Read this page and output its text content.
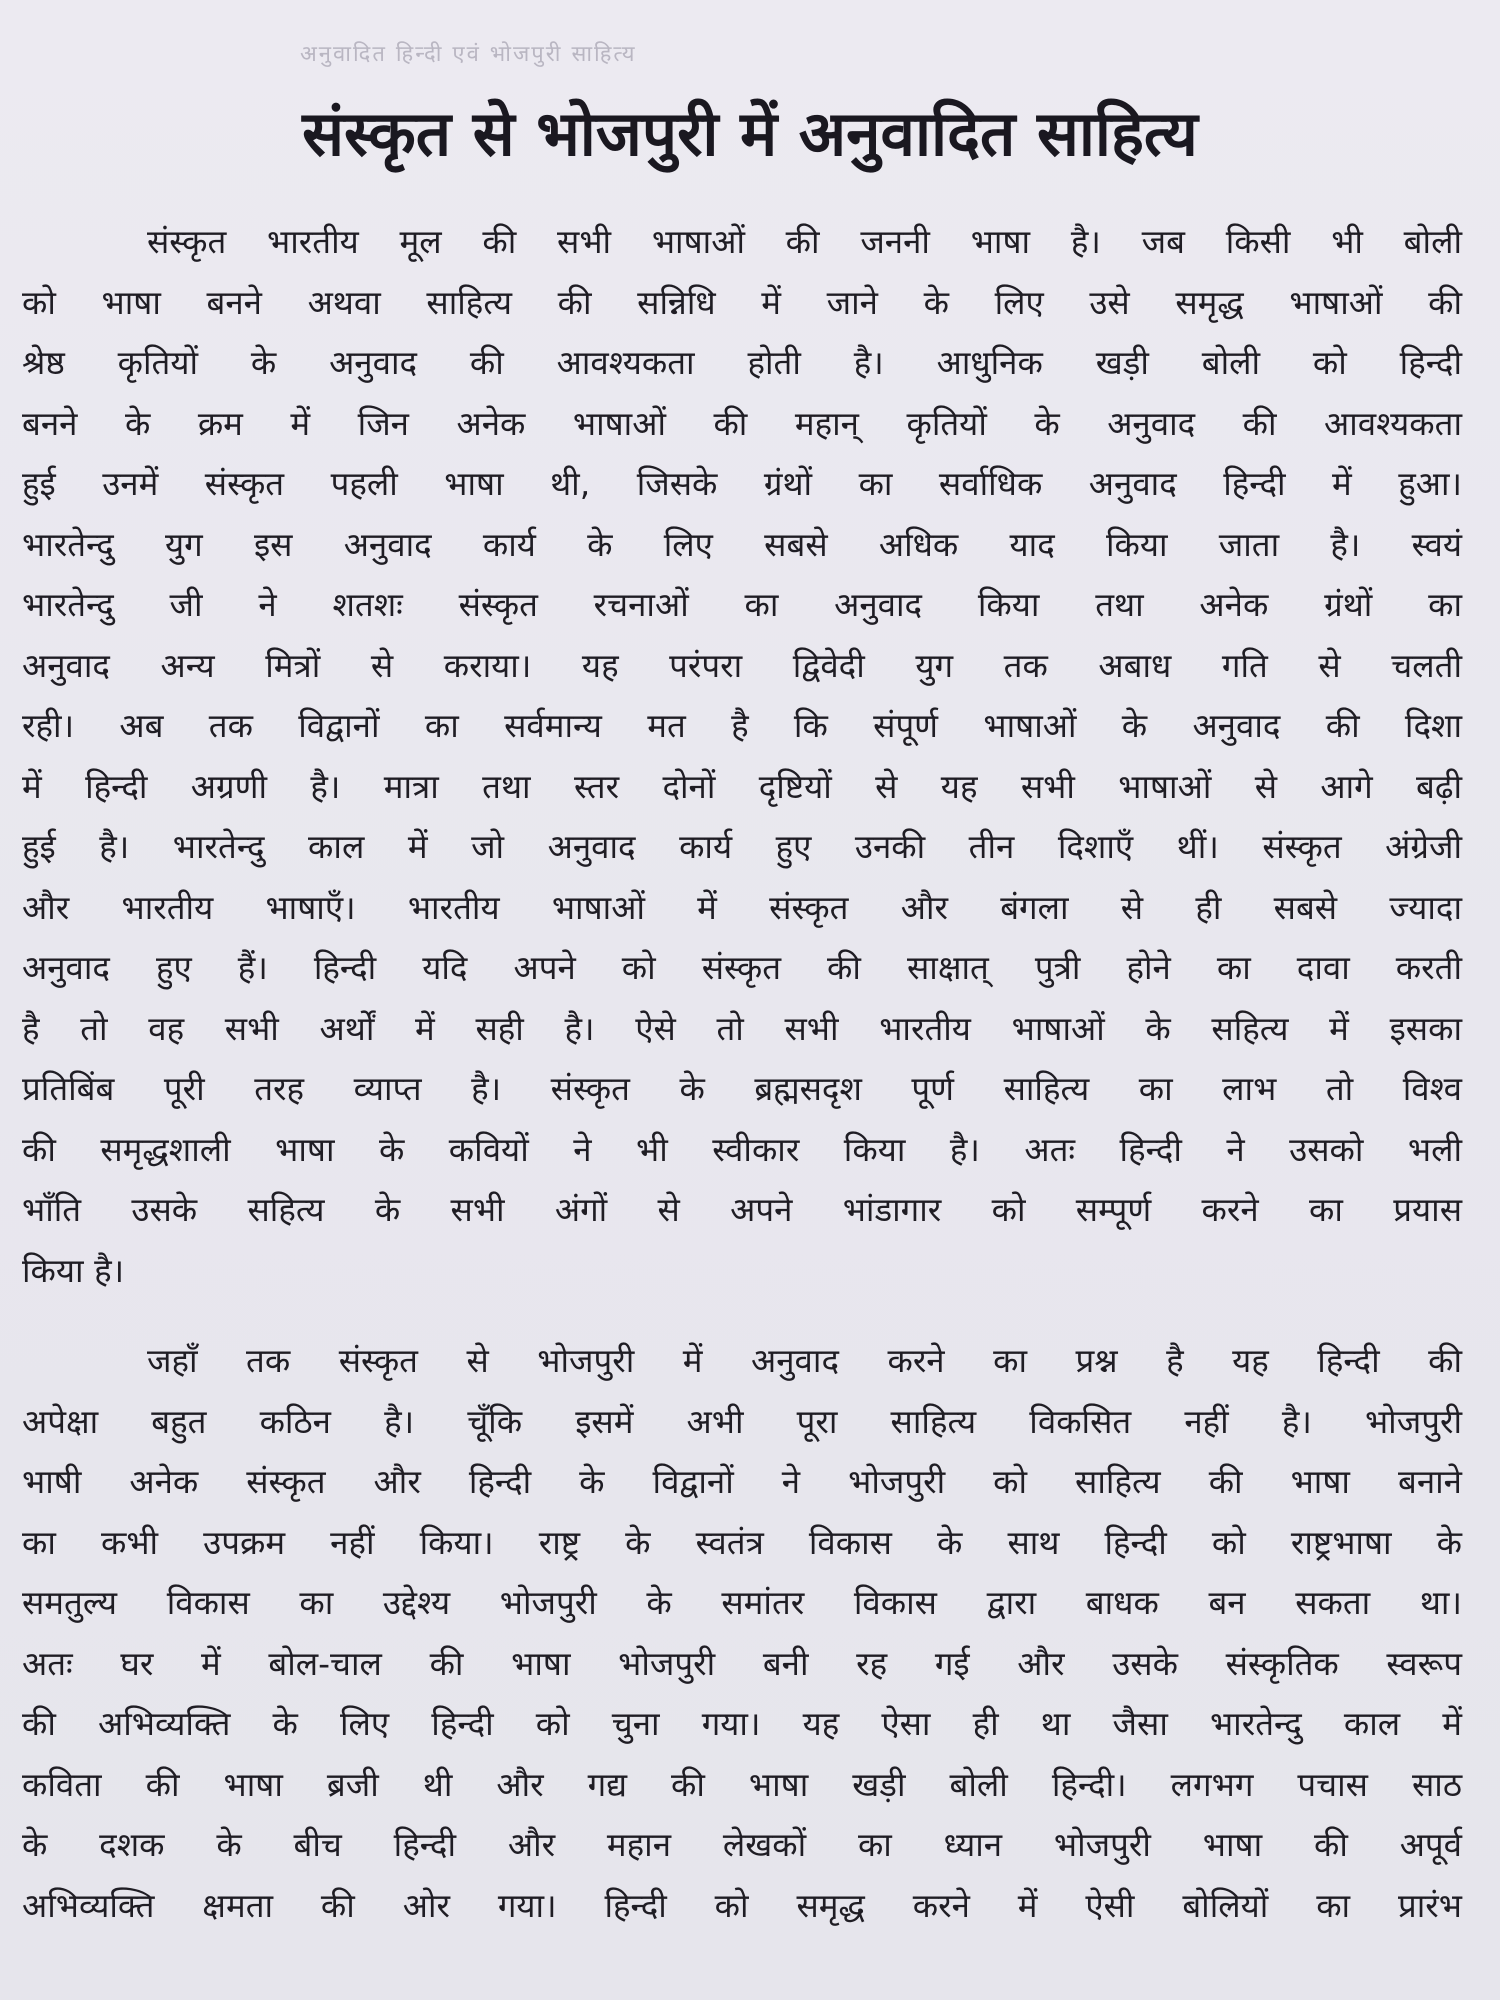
अनुवादित हिन्दी एवं भोजपुरी साहित्य
संस्कृत से भोजपुरी में अनुवादित साहित्य
संस्कृत भारतीय मूल की सभी भाषाओं की जननी भाषा है। जब किसी भी बोली
को भाषा बनने अथवा साहित्य की सन्निधि में जाने के लिए उसे समृद्ध भाषाओं की
श्रेष्ठ कृतियों के अनुवाद की आवश्यकता होती है। आधुनिक खड़ी बोली को हिन्दी
बनने के क्रम में जिन अनेक भाषाओं की महान् कृतियों के अनुवाद की आवश्यकता
हुई उनमें संस्कृत पहली भाषा थी, जिसके ग्रंथों का सर्वाधिक अनुवाद हिन्दी में हुआ।
भारतेन्दु युग इस अनुवाद कार्य के लिए सबसे अधिक याद किया जाता है। स्वयं
भारतेन्दु जी ने शतशः संस्कृत रचनाओं का अनुवाद किया तथा अनेक ग्रंथों का
अनुवाद अन्य मित्रों से कराया। यह परंपरा द्विवेदी युग तक अबाध गति से चलती
रही। अब तक विद्वानों का सर्वमान्य मत है कि संपूर्ण भाषाओं के अनुवाद की दिशा
में हिन्दी अग्रणी है। मात्रा तथा स्तर दोनों दृष्टियों से यह सभी भाषाओं से आगे बढ़ी
हुई है। भारतेन्दु काल में जो अनुवाद कार्य हुए उनकी तीन दिशाएँ थीं। संस्कृत अंग्रेजी
और भारतीय भाषाएँ। भारतीय भाषाओं में संस्कृत और बंगला से ही सबसे ज्यादा
अनुवाद हुए हैं। हिन्दी यदि अपने को संस्कृत की साक्षात् पुत्री होने का दावा करती
है तो वह सभी अर्थों में सही है। ऐसे तो सभी भारतीय भाषाओं के सहित्य में इसका
प्रतिबिंब पूरी तरह व्याप्त है। संस्कृत के ब्रह्मसदृश पूर्ण साहित्य का लाभ तो विश्व
की समृद्धशाली भाषा के कवियों ने भी स्वीकार किया है। अतः हिन्दी ने उसको भली
भाँति उसके सहित्य के सभी अंगों से अपने भांडागार को सम्पूर्ण करने का प्रयास
किया है।
जहाँ तक संस्कृत से भोजपुरी में अनुवाद करने का प्रश्न है यह हिन्दी की
अपेक्षा बहुत कठिन है। चूँकि इसमें अभी पूरा साहित्य विकसित नहीं है। भोजपुरी
भाषी अनेक संस्कृत और हिन्दी के विद्वानों ने भोजपुरी को साहित्य की भाषा बनाने
का कभी उपक्रम नहीं किया। राष्ट्र के स्वतंत्र विकास के साथ हिन्दी को राष्ट्रभाषा के
समतुल्य विकास का उद्देश्य भोजपुरी के समांतर विकास द्वारा बाधक बन सकता था।
अतः घर में बोल-चाल की भाषा भोजपुरी बनी रह गई और उसके संस्कृतिक स्वरूप
की अभिव्यक्ति के लिए हिन्दी को चुना गया। यह ऐसा ही था जैसा भारतेन्दु काल में
कविता की भाषा ब्रजी थी और गद्य की भाषा खड़ी बोली हिन्दी। लगभग पचास साठ
के दशक के बीच हिन्दी और महान लेखकों का ध्यान भोजपुरी भाषा की अपूर्व
अभिव्यक्ति क्षमता की ओर गया। हिन्दी को समृद्ध करने में ऐसी बोलियों का प्रारंभ
